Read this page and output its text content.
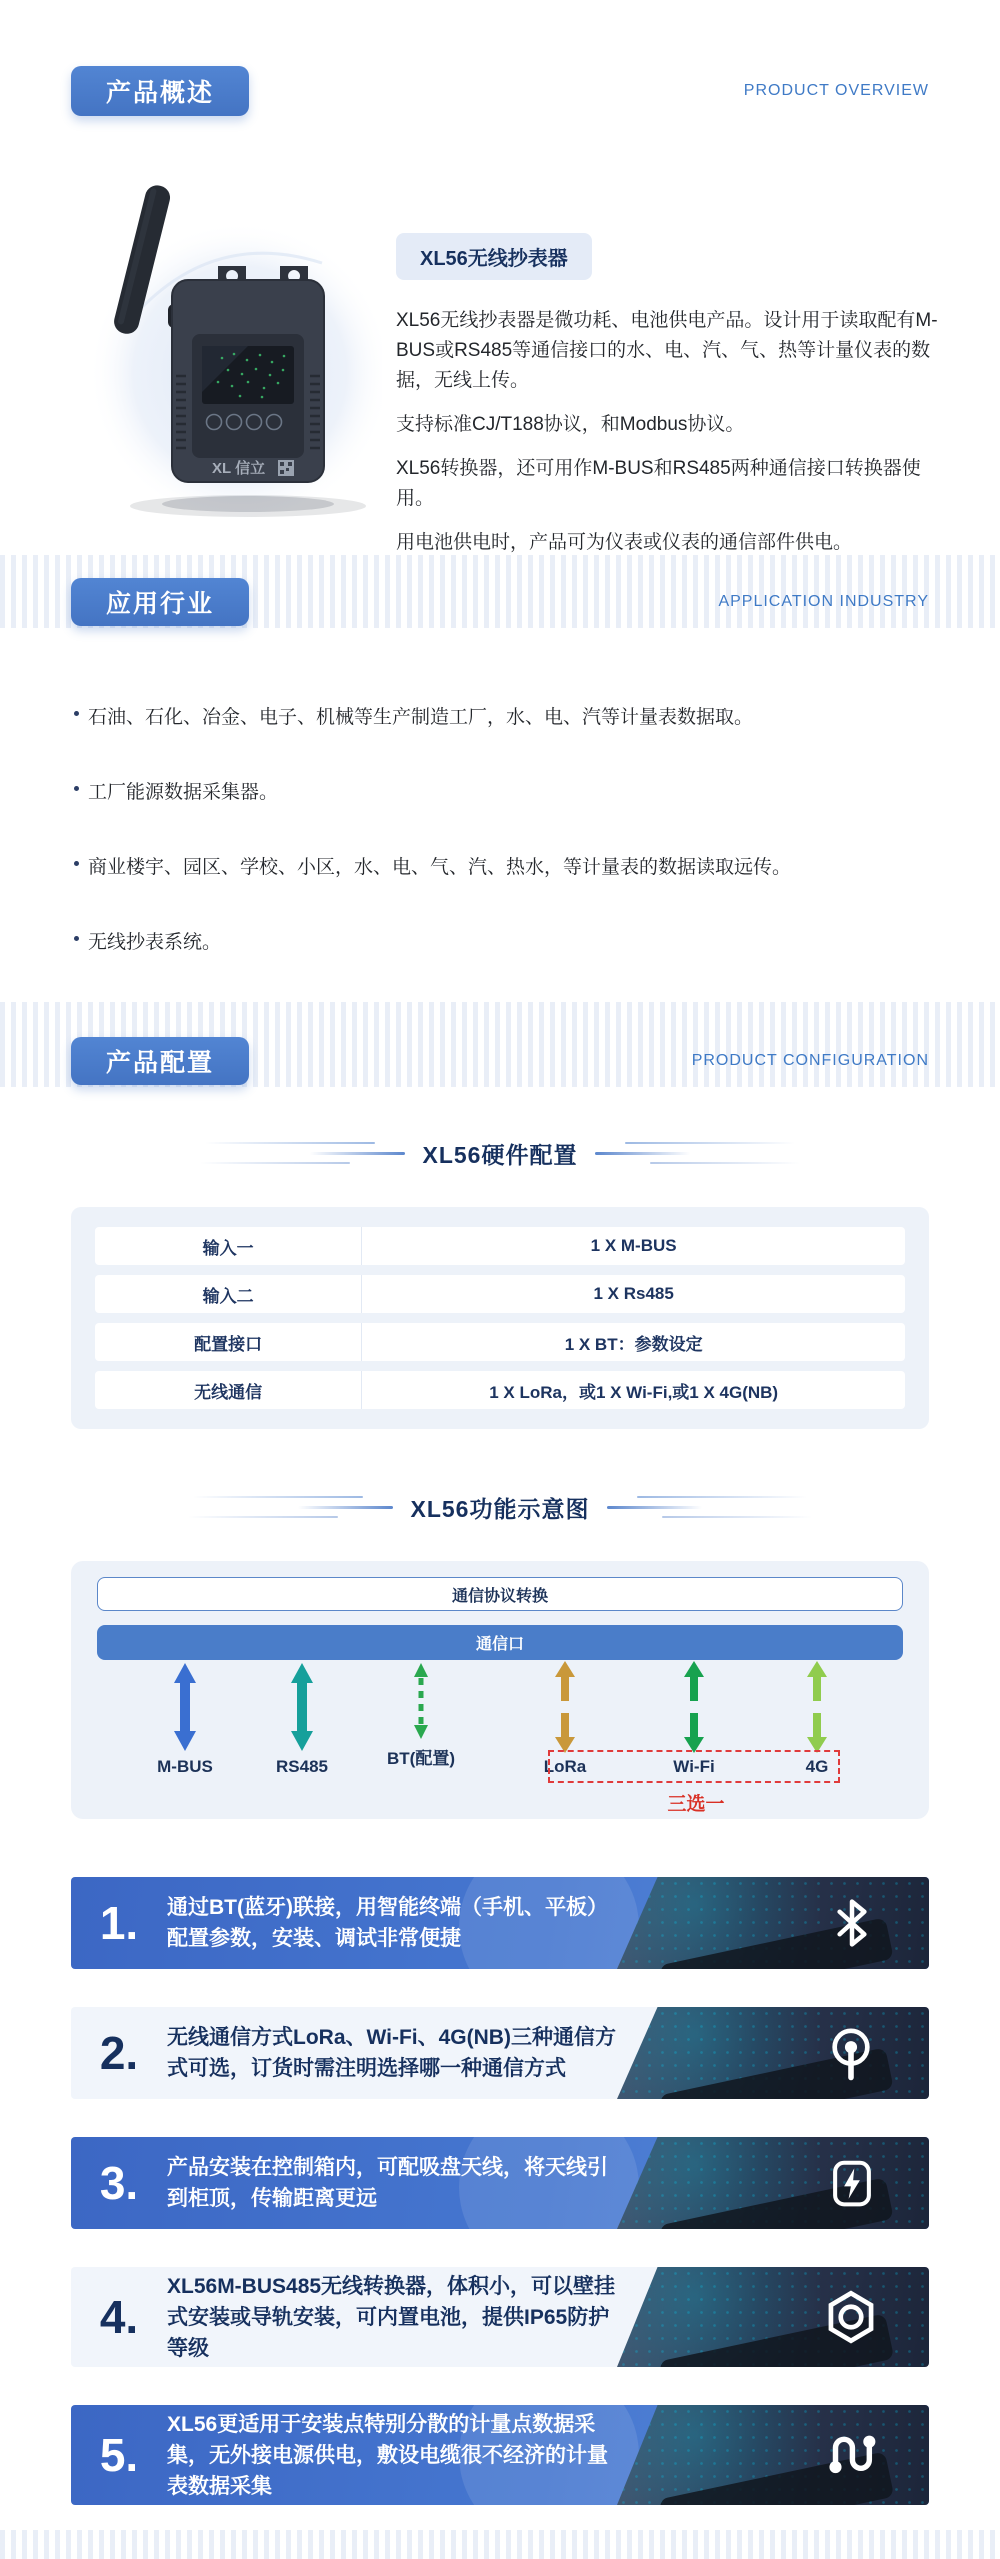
产品概述	PRODUCT OVERVIEW
XL 信立
XL56无线抄表器

XL56无线抄表器是微功耗、电池供电产品。设计用于读取配有M-BUS或RS485等通信接口的水、电、汽、气、热等计量仪表的数据，无线上传。

支持标准CJ/T188协议，和Modbus协议。

XL56转换器，还可用作M-BUS和RS485两种通信接口转换器使用。

用电池供电时，产品可为仪表或仪表的通信部件供电。

应用行业	APPLICATION INDUSTRY
石油、石化、冶金、电子、机械等生产制造工厂，水、电、汽等计量表数据取。
工厂能源数据采集器。
商业楼宇、园区、学校、小区，水、电、气、汽、热水，等计量表的数据读取远传。
无线抄表系统。
产品配置	PRODUCT CONFIGURATION
XL56硬件配置
输入一	1 X M-BUS
输入二	1 X Rs485
配置接口	1 X BT：参数设定
无线通信	1 X LoRa，或1 X Wi-Fi,或1 X 4G(NB)
XL56功能示意图
通信协议转换
通信口
M-BUS	RS485	BT(配置)	LoRa	Wi-Fi	4G
三选一
1.	通过BT(蓝牙)联接，用智能终端（手机、平板）配置参数，安装、调试非常便捷
2.	无线通信方式LoRa、Wi-Fi、4G(NB)三种通信方式可选，订货时需注明选择哪一种通信方式
3.	产品安装在控制箱内，可配吸盘天线，将天线引到柜顶，传输距离更远
4.
XL56M-BUS485无线转换器，体积小，可以壁挂式安装或导轨安装，可内置电池，提供IP65防护等级
5.
XL56更适用于安装点特别分散的计量点数据采集，无外接电源供电，敷设电缆很不经济的计量表数据采集
